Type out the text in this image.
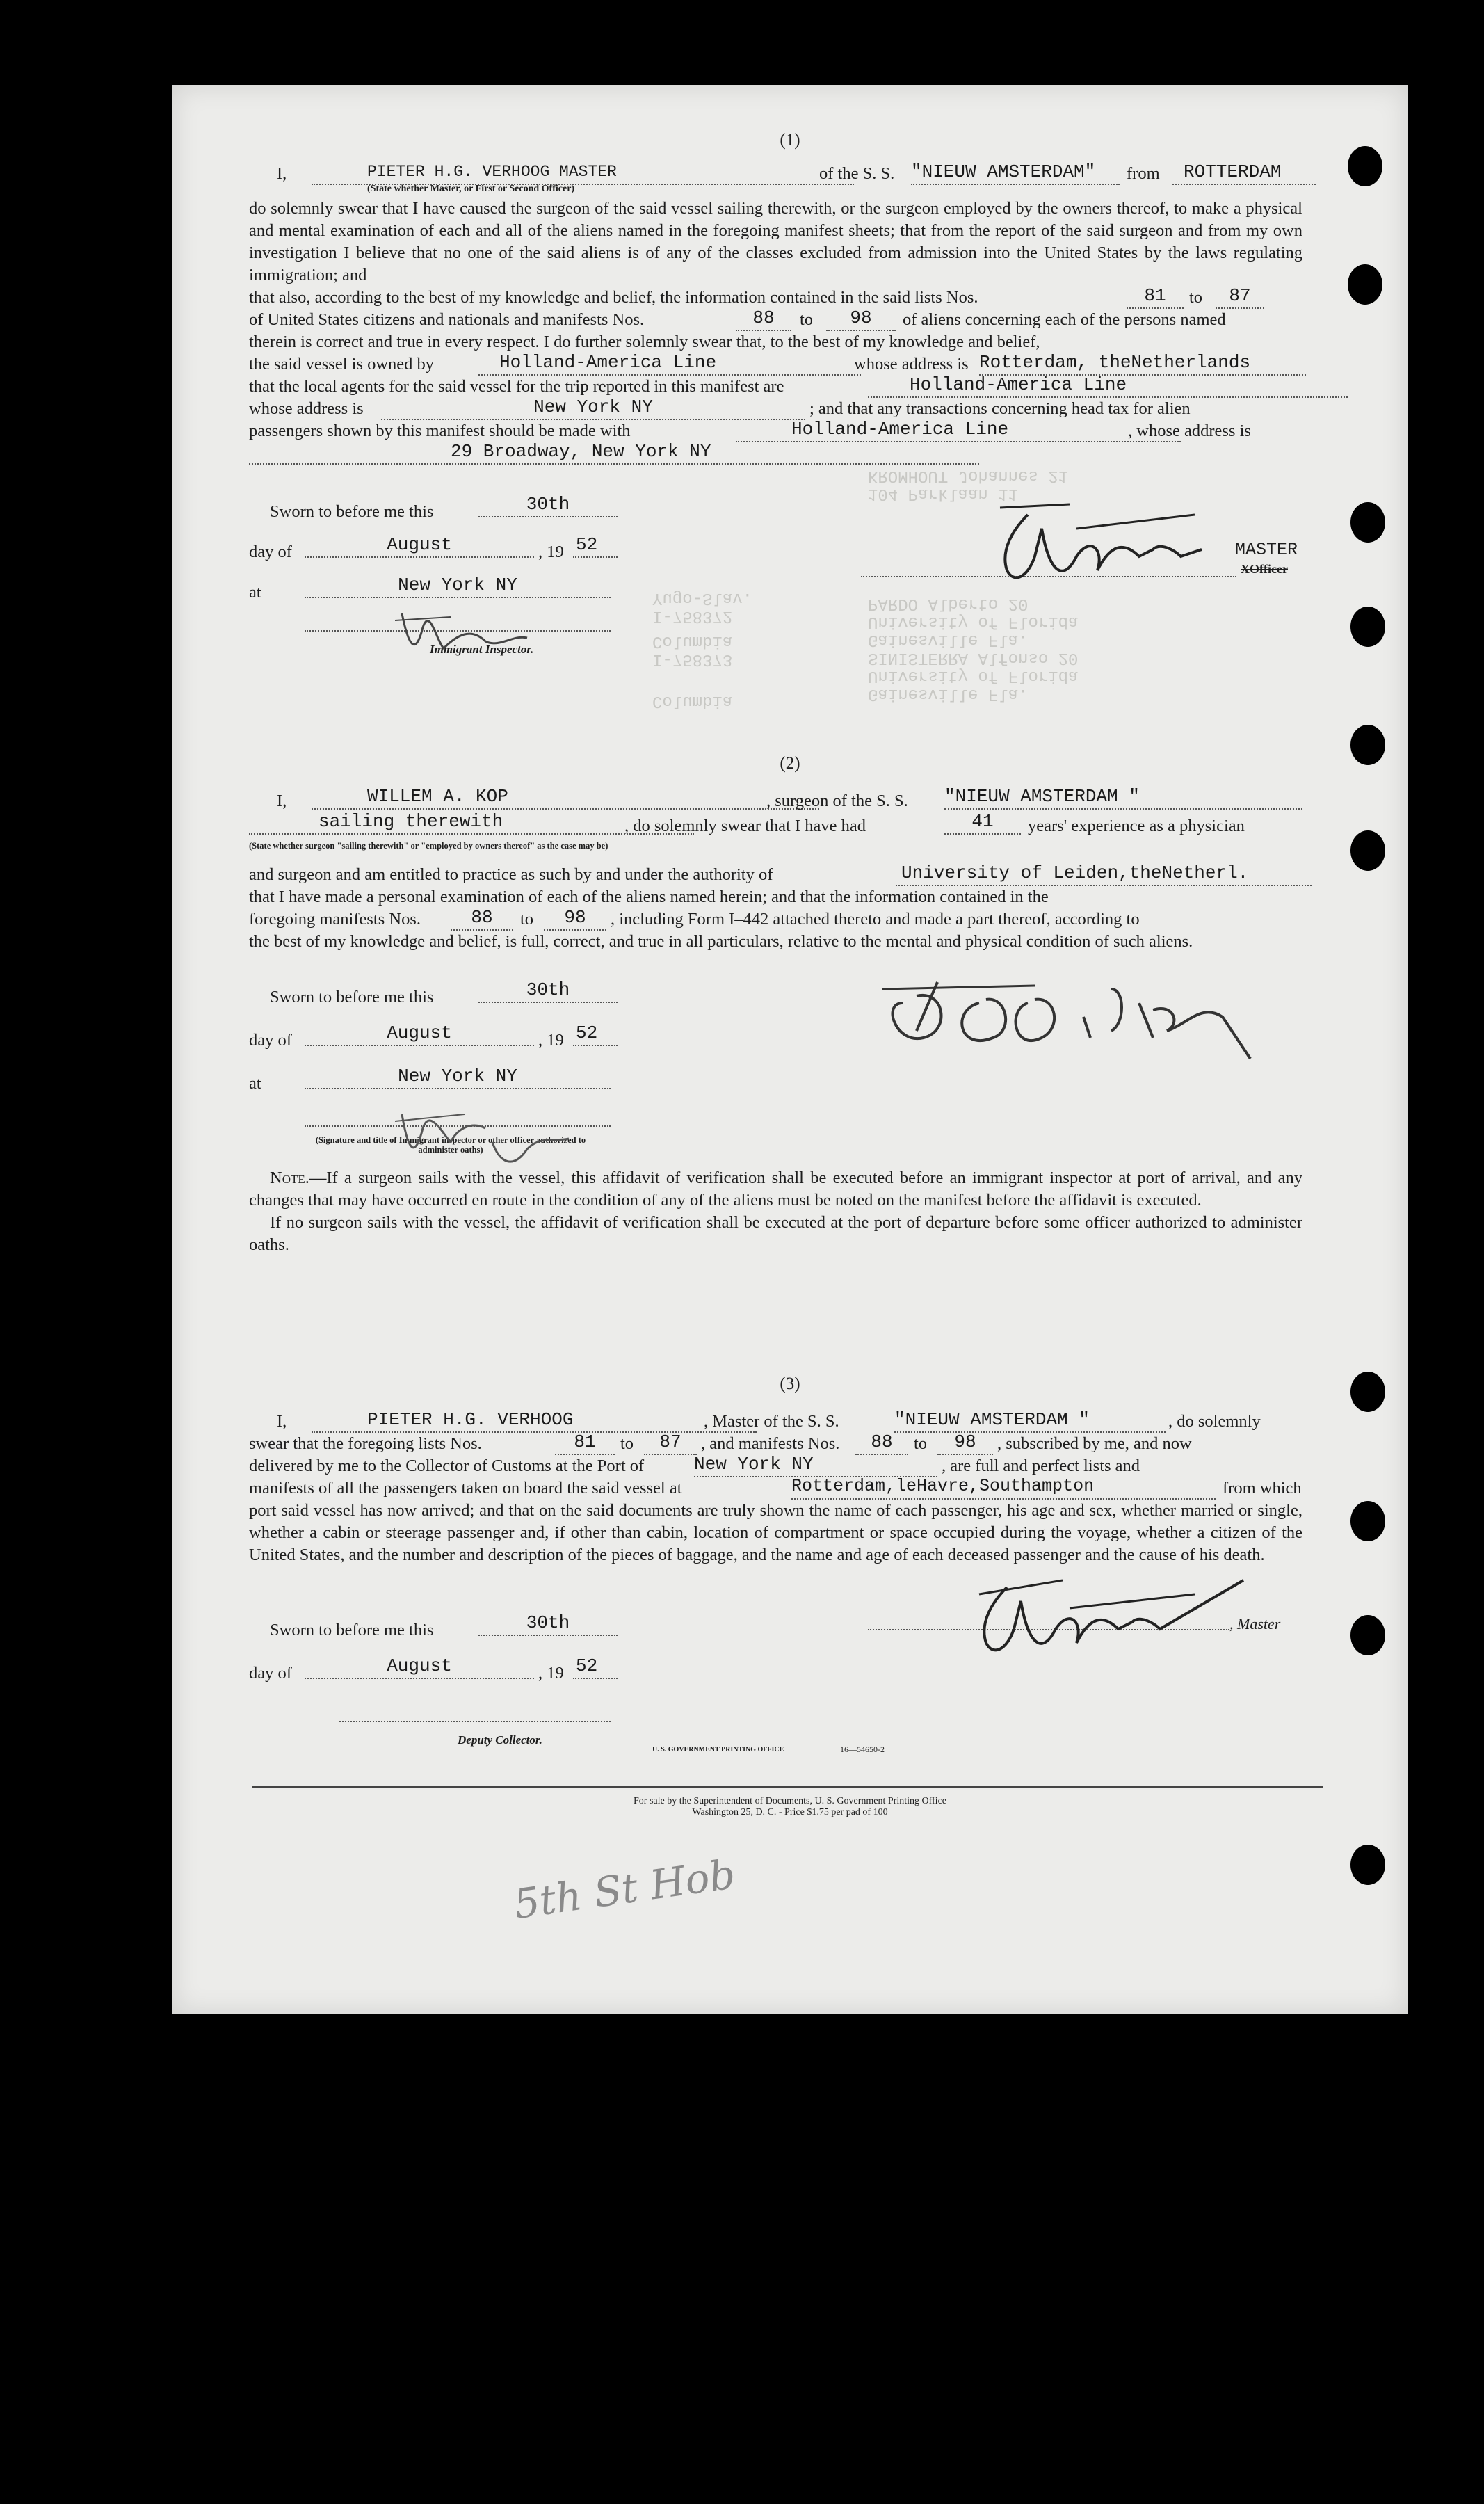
KROMHOUT Johannes 21
104 Parklaan 11
PARDO Alberto 20
University of Florida
Gainesville Fla.
SINISTERRA Alfonso 20
University of Florida
Gainesville Fla.
Yugo-Slav.
I-758372
Columbia
I-758373
Columbia
(1)
I,	PIETER H.G. VERHOOG MASTER	of the S. S. "NIEUW AMSTERDAM"	from	ROTTERDAM
(State whether Master, or First or Second Officer)

do solemnly swear that I have caused the surgeon of the said vessel sailing therewith, or the surgeon employed by the owners thereof, to make a physical and mental examination of each and all of the aliens named in the foregoing manifest sheets; that from the report of the said surgeon and from my own investigation I believe that no one of the said aliens is of any of the classes excluded from admission into the United States by the laws regulating immigration; and

that also, according to the best of my knowledge and belief, the information contained in the said lists Nos.	81	to	87
of United States citizens and nationals and manifests Nos.	88	to	98	of aliens concerning each of the persons named
therein is correct and true in every respect. I do further solemnly swear that, to the best of my knowledge and belief,
the said vessel is owned by	Holland-America Line	whose address is Rotterdam, theNetherlands
that the local agents for the said vessel for the trip reported in this manifest are	Holland-America Line
whose address is	New York NY	; and that any transactions concerning head tax for alien
passengers shown by this manifest should be made with	Holland-America Line	, whose address is
29 Broadway, New York NY
Sworn to before me this	30th
day of	August	, 19 52
at	New York NY
Immigrant Inspector.
MASTER
XOfficer
(2)
I,	WILLEM A. KOP	, surgeon of the S. S. "NIEUW AMSTERDAM "
sailing therewith	, do solemnly swear that I have had	41	years' experience as a physician
(State whether surgeon "sailing therewith" or "employed by owners thereof" as the case may be)
and surgeon and am entitled to practice as such by and under the authority of	University of Leiden,theNetherl.
that I have made a personal examination of each of the aliens named herein; and that the information contained in the
foregoing manifests Nos.	88	to	98	, including Form I–442 attached thereto and made a part thereof, according to

the best of my knowledge and belief, is full, correct, and true in all particulars, relative to the mental and physical condition of such aliens.

Sworn to before me this	30th
day of	August	, 19 52
at	New York NY
(Signature and title of Immigrant inspector or other officer authorized to administer oaths)

Note.—If a surgeon sails with the vessel, this affidavit of verification shall be executed before an immigrant inspector at port of arrival, and any changes that may have occurred en route in the condition of any of the aliens must be noted on the manifest before the affidavit is executed.

If no surgeon sails with the vessel, the affidavit of verification shall be executed at the port of departure before some officer authorized to administer oaths.

(3)
I,	PIETER H.G. VERHOOG	, Master of the S. S.	"NIEUW AMSTERDAM "	, do solemnly
swear that the foregoing lists Nos.	81	to	87	, and manifests Nos.	88	to	98	, subscribed by me, and now
delivered by me to the Collector of Customs at the Port of	New York NY	, are full and perfect lists and
manifests of all the passengers taken on board the said vessel at	Rotterdam,leHavre,Southampton	from which

port said vessel has now arrived; and that on the said documents are truly shown the name of each passenger, his age and sex, whether married or single, whether a cabin or steerage passenger and, if other than cabin, location of compartment or space occupied during the voyage, whether a citizen of the United States, and the number and description of the pieces of baggage, and the name and age of each deceased passenger and the cause of his death.

Sworn to before me this	30th
day of	August	, 19 52
Deputy Collector.
, Master
U. S. GOVERNMENT PRINTING OFFICE	16—54650-2
For sale by the Superintendent of Documents, U. S. Government Printing Office
Washington 25, D. C. - Price $1.75 per pad of 100
5th St Hob
